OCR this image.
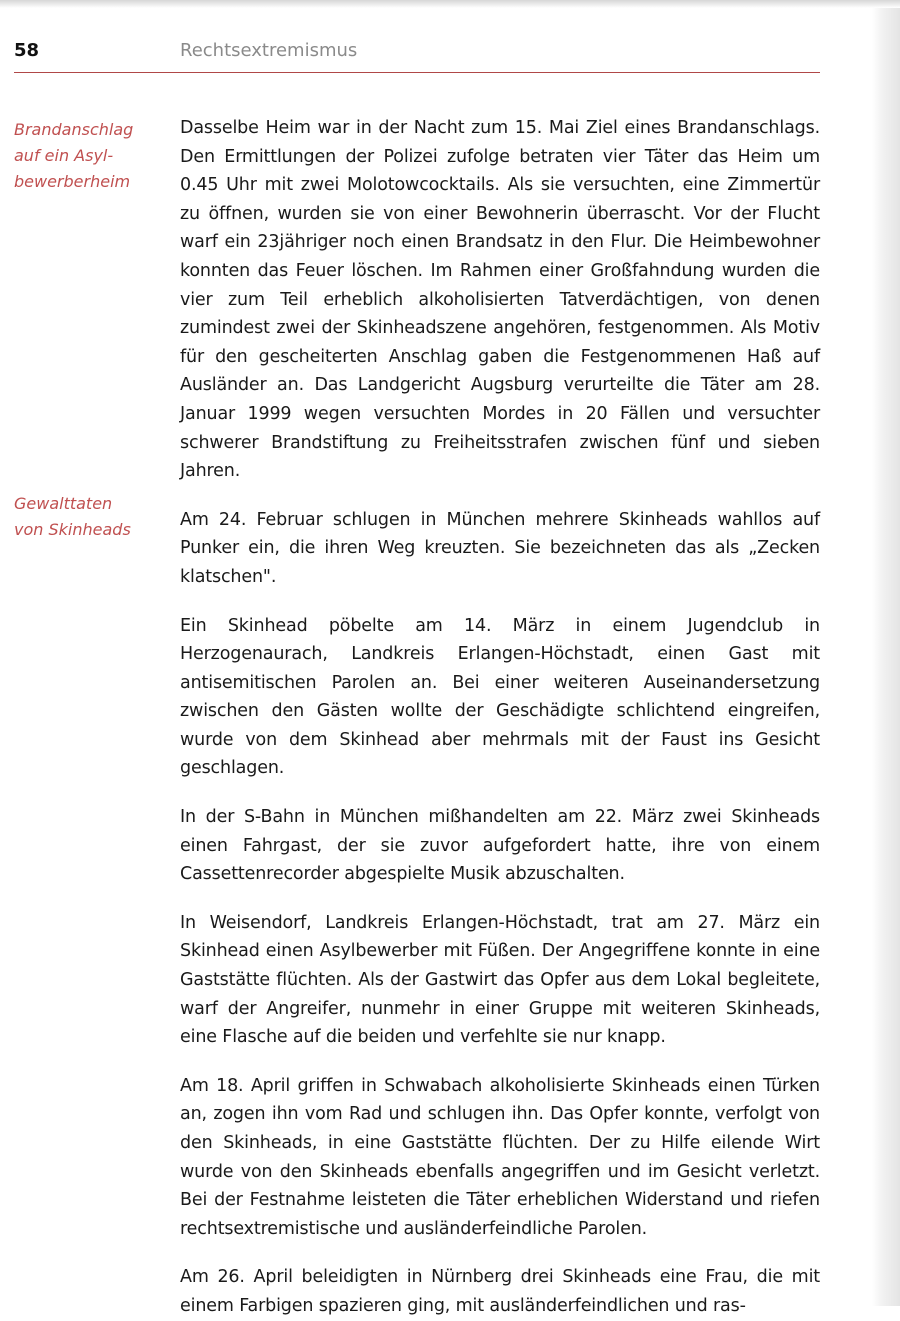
58	Rechtsextremismus
Brandanschlag
auf ein Asyl-
bewerberheim
Gewalttaten
von Skinheads

Dasselbe Heim war in der Nacht zum 15. Mai Ziel eines Brandanschlags. Den Ermittlungen der Polizei zufolge betraten vier Täter das Heim um 0.45 Uhr mit zwei Molotowcocktails. Als sie versuchten, eine Zimmertür zu öffnen, wurden sie von einer Bewohnerin überrascht. Vor der Flucht warf ein 23jähriger noch einen Brandsatz in den Flur. Die Heimbewohner konnten das Feuer löschen. Im Rahmen einer Großfahndung wurden die vier zum Teil erheblich alkoholisierten Tatverdächtigen, von denen zumindest zwei der Skinheadszene angehören, festgenommen. Als Motiv für den gescheiterten Anschlag gaben die Festgenommenen Haß auf Ausländer an. Das Landgericht Augsburg verurteilte die Täter am 28. Januar 1999 wegen versuchten Mordes in 20 Fällen und versuchter schwerer Brandstiftung zu Freiheitsstrafen zwischen fünf und sieben Jahren.

Am 24. Februar schlugen in München mehrere Skinheads wahllos auf Punker ein, die ihren Weg kreuzten. Sie bezeichneten das als „Zecken klatschen".

Ein Skinhead pöbelte am 14. März in einem Jugendclub in Herzogenaurach, Landkreis Erlangen-Höchstadt, einen Gast mit antisemitischen Parolen an. Bei einer weiteren Auseinandersetzung zwischen den Gästen wollte der Geschädigte schlichtend eingreifen, wurde von dem Skinhead aber mehrmals mit der Faust ins Gesicht geschlagen.

In der S-Bahn in München mißhandelten am 22. März zwei Skinheads einen Fahrgast, der sie zuvor aufgefordert hatte, ihre von einem Cassettenrecorder abgespielte Musik abzuschalten.

In Weisendorf, Landkreis Erlangen-Höchstadt, trat am 27. März ein Skinhead einen Asylbewerber mit Füßen. Der Angegriffene konnte in eine Gaststätte flüchten. Als der Gastwirt das Opfer aus dem Lokal begleitete, warf der Angreifer, nunmehr in einer Gruppe mit weiteren Skinheads, eine Flasche auf die beiden und verfehlte sie nur knapp.

Am 18. April griffen in Schwabach alkoholisierte Skinheads einen Türken an, zogen ihn vom Rad und schlugen ihn. Das Opfer konnte, verfolgt von den Skinheads, in eine Gaststätte flüchten. Der zu Hilfe eilende Wirt wurde von den Skinheads ebenfalls angegriffen und im Gesicht verletzt. Bei der Festnahme leisteten die Täter erheblichen Widerstand und riefen rechtsextremistische und ausländerfeindliche Parolen.

Am 26. April beleidigten in Nürnberg drei Skinheads eine Frau, die mit einem Farbigen spazieren ging, mit ausländerfeindlichen und ras-
